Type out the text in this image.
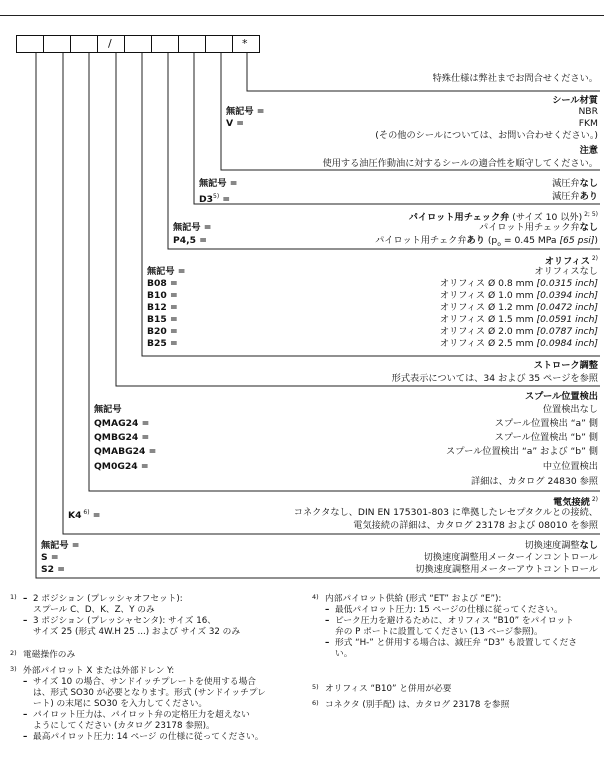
/	*
特殊仕様は弊社までお問合せください。
シール材質
無記号 =	NBR
V =	FKM
(その他のシールについては、お問い合わせください。)
注意
使用する油圧作動油に対するシールの適合性を順守してください。
無記号 =	減圧弁なし
$D3^{5)}$ =	減圧弁あり
パイロット用チェック弁 (サイズ 10 以外) $^{2; 5)}$
無記号 =	パイロット用チェック弁なし
P4,5 =	パイロット用チェク弁あり ($p_o = 0.45$ MPa [65 psi])
オリフィス $^{2)}$
無記号 =	オリフィスなし
B08 =	オリフィス Ø 0.8 mm [0.0315 inch]
B10 =	オリフィス Ø 1.0 mm [0.0394 inch]
B12 =	オリフィス Ø 1.2 mm [0.0472 inch]
B15 =	オリフィス Ø 1.5 mm [0.0591 inch]
B20 =	オリフィス Ø 2.0 mm [0.0787 inch]
B25 =	オリフィス Ø 2.5 mm [0.0984 inch]
ストローク調整
形式表示については、34 および 35 ページを参照
スプール位置検出
無記号	位置検出なし
QMAG24 =	スプール位置検出 “a” 側
QMBG24 =	スプール位置検出 “b” 側
QMABG24 =	スプール位置検出 “a” および “b” 側
QM0G24 =	中立位置検出
詳細は、カタログ 24830 参照
電気接続 $^{2)}$
K4 $^{6)}$ =	コネクタなし、DIN EN 175301-803 に準拠したレセプタクルとの接続、
電気接続の詳細は、カタログ 23178 および 08010 を参照
無記号 =	切換速度調整なし
S =	切換速度調整用メーターインコントロール
S2 =	切換速度調整用メーターアウトコントロール
1)
–	2 ポジション (プレッシャオフセット):
スプール C、D、K、Z、Y のみ
– 3 ポジション (プレッシャセンタ): サイズ 16、
サイズ 25 (形式 4W.H 25 ...) および サイズ 32 のみ
2) 電磁操作のみ
3) 外部パイロット X または外部ドレン Y:
– サイズ 10 の場合、サンドイッチプレートを使用する場合
は、形式 SO30 が必要となります。形式 (サンドイッチプレ
ート) の末尾に SO30 を入力してください。
– パイロット圧力は、パイロット弁の定格圧力を超えない
ようにしてください (カタログ 23178 参照)。
– 最高パイロット圧力: 14 ページ の仕様に従ってください。
4) 内部パイロット供給 (形式 “ET” および “E”):
– 最低パイロット圧力: 15 ページの仕様に従ってください。
– ピーク圧力を避けるために、オリフィス “B10” をパイロット
弁の P ポートに設置してください (13 ページ参照)。
– 形式 “H-” と併用する場合は、減圧弁 “D3” も設置してくださ
い。
5) オリフィス “B10” と併用が必要
6) コネクタ (別手配) は、カタログ 23178 を参照
